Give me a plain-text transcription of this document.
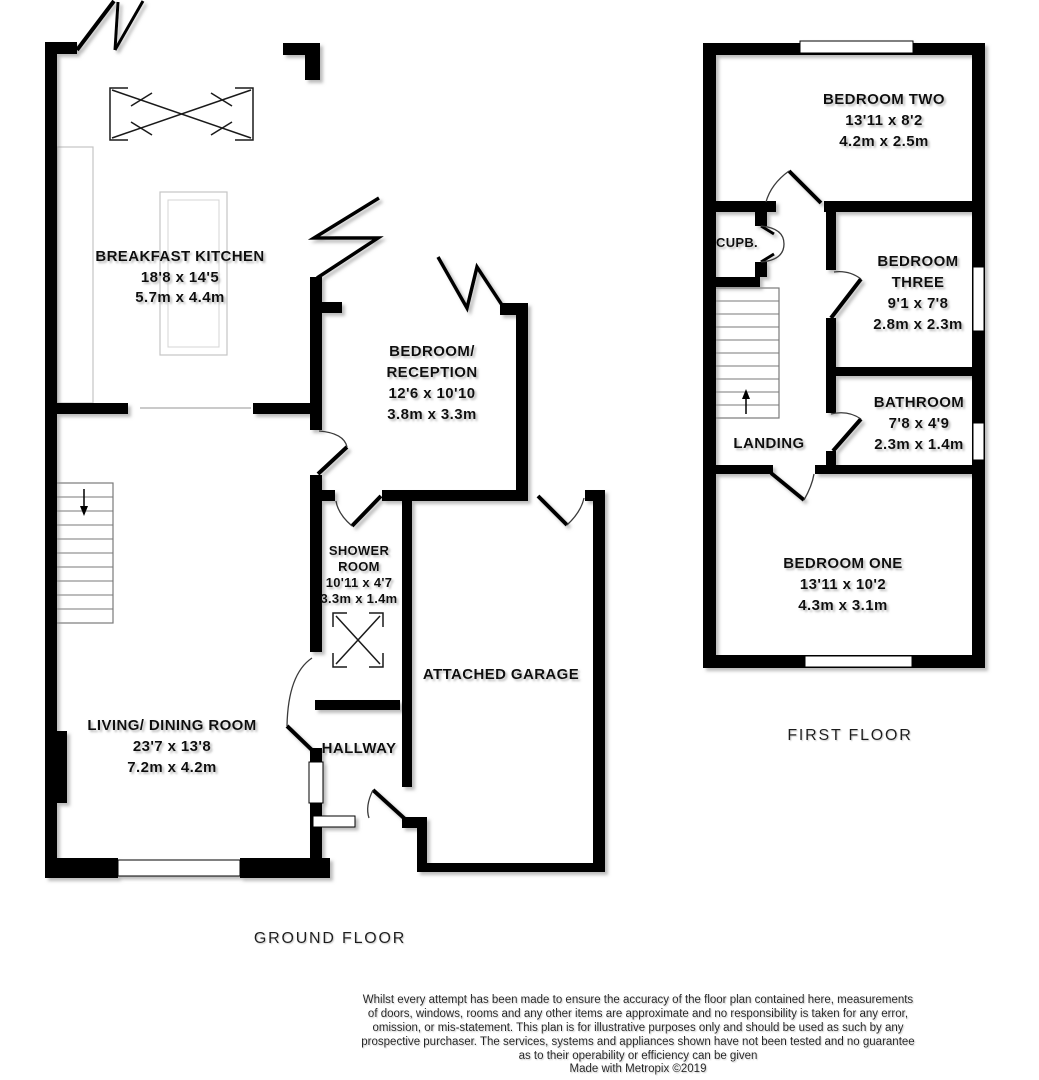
BREAKFAST KITCHEN
18'8 x 14'5
5.7m x 4.4m
BEDROOM/
RECEPTION
12'6 x 10'10
3.8m x 3.3m
SHOWER
ROOM
10'11 x 4'7
3.3m x 1.4m
ATTACHED GARAGE
LIVING/ DINING ROOM
23'7 x 13'8
7.2m x 4.2m
HALLWAY
GROUND FLOOR
BEDROOM TWO
13'11 x 8'2
4.2m x 2.5m
CUPB.
BEDROOM
THREE
9'1 x 7'8
2.8m x 2.3m
BATHROOM
7'8 x 4'9
2.3m x 1.4m
LANDING
BEDROOM ONE
13'11 x 10'2
4.3m x 3.1m
FIRST FLOOR
Whilst every attempt has been made to ensure the accuracy of the floor plan contained here, measurements
of doors, windows, rooms and any other items are approximate and no responsibility is taken for any error,
omission, or mis-statement. This plan is for illustrative purposes only and should be used as such by any
prospective purchaser. The services, systems and appliances shown have not been tested and no guarantee
as to their operability or efficiency can be given
Made with Metropix ©2019
